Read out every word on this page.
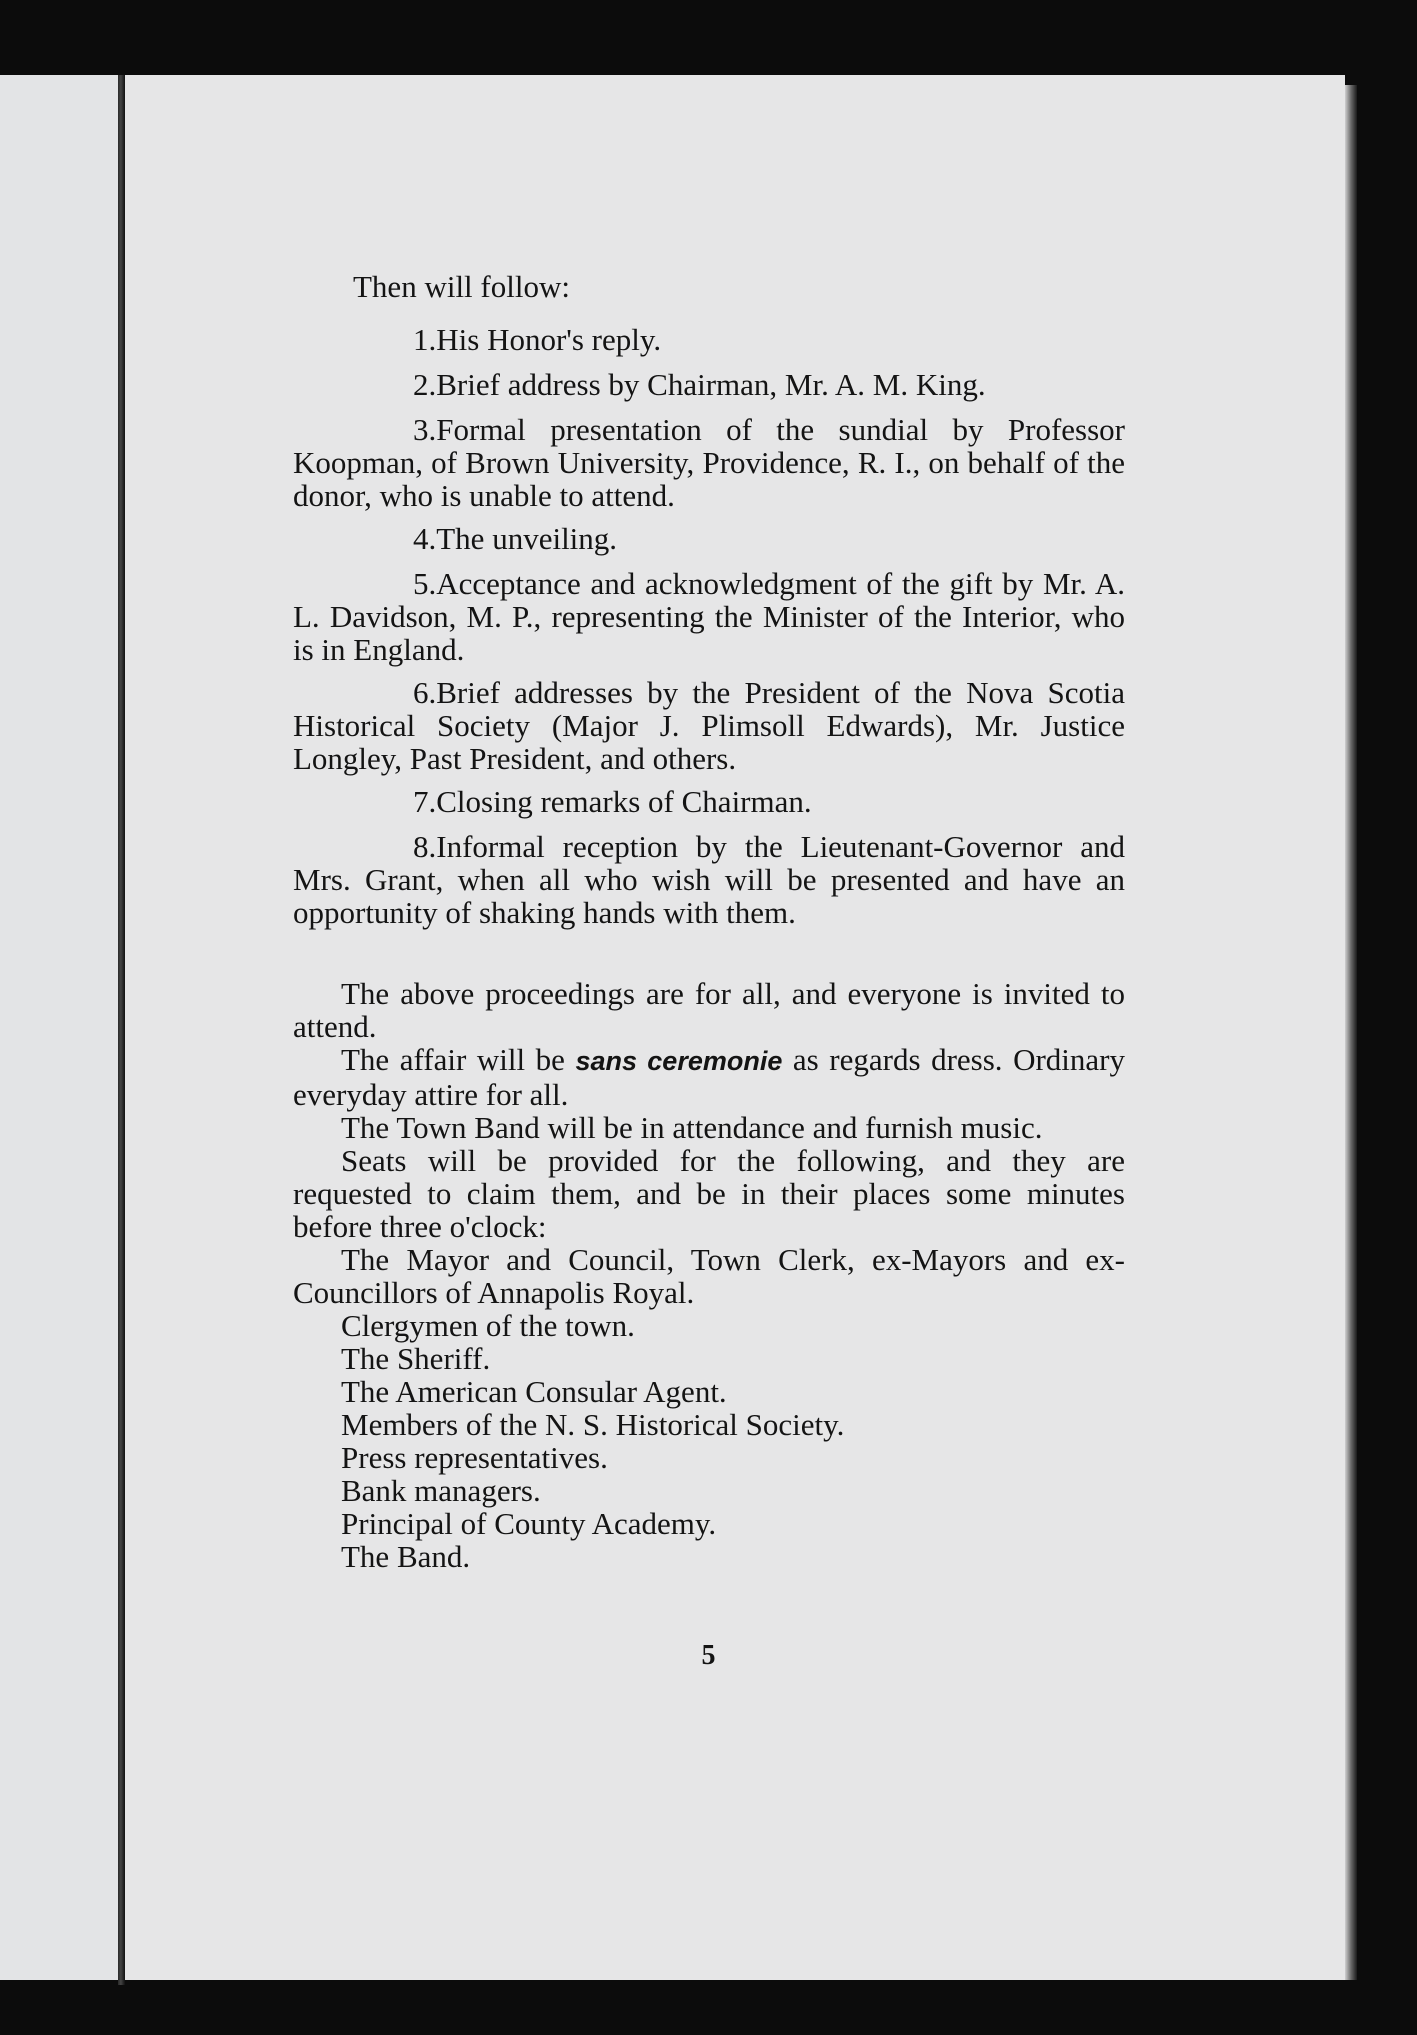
Then will follow:

1.His Honor's reply.

2.Brief address by Chairman, Mr. A. M. King.

3.Formal presentation of the sundial by Professor Koopman, of Brown University, Providence, R. I., on behalf of the donor, who is unable to attend.

4.The unveiling.

5.Acceptance and acknowledgment of the gift by Mr. A. L. Davidson, M. P., representing the Minister of the Interior, who is in England.

6.Brief addresses by the President of the Nova Scotia Historical Society (Major J. Plimsoll Edwards), Mr. Justice Longley, Past President, and others.

7.Closing remarks of Chairman.

8.Informal reception by the Lieutenant-Governor and Mrs. Grant, when all who wish will be presented and have an opportunity of shaking hands with them.

The above proceedings are for all, and everyone is invited to attend.

The affair will be sans ceremonie as regards dress. Ordinary everyday attire for all.

The Town Band will be in attendance and furnish music.

Seats will be provided for the following, and they are requested to claim them, and be in their places some minutes before three o'clock:

The Mayor and Council, Town Clerk, ex-Mayors and ex-Councillors of Annapolis Royal.

Clergymen of the town.

The Sheriff.

The American Consular Agent.

Members of the N. S. Historical Society.

Press representatives.

Bank managers.

Principal of County Academy.

The Band.

5
